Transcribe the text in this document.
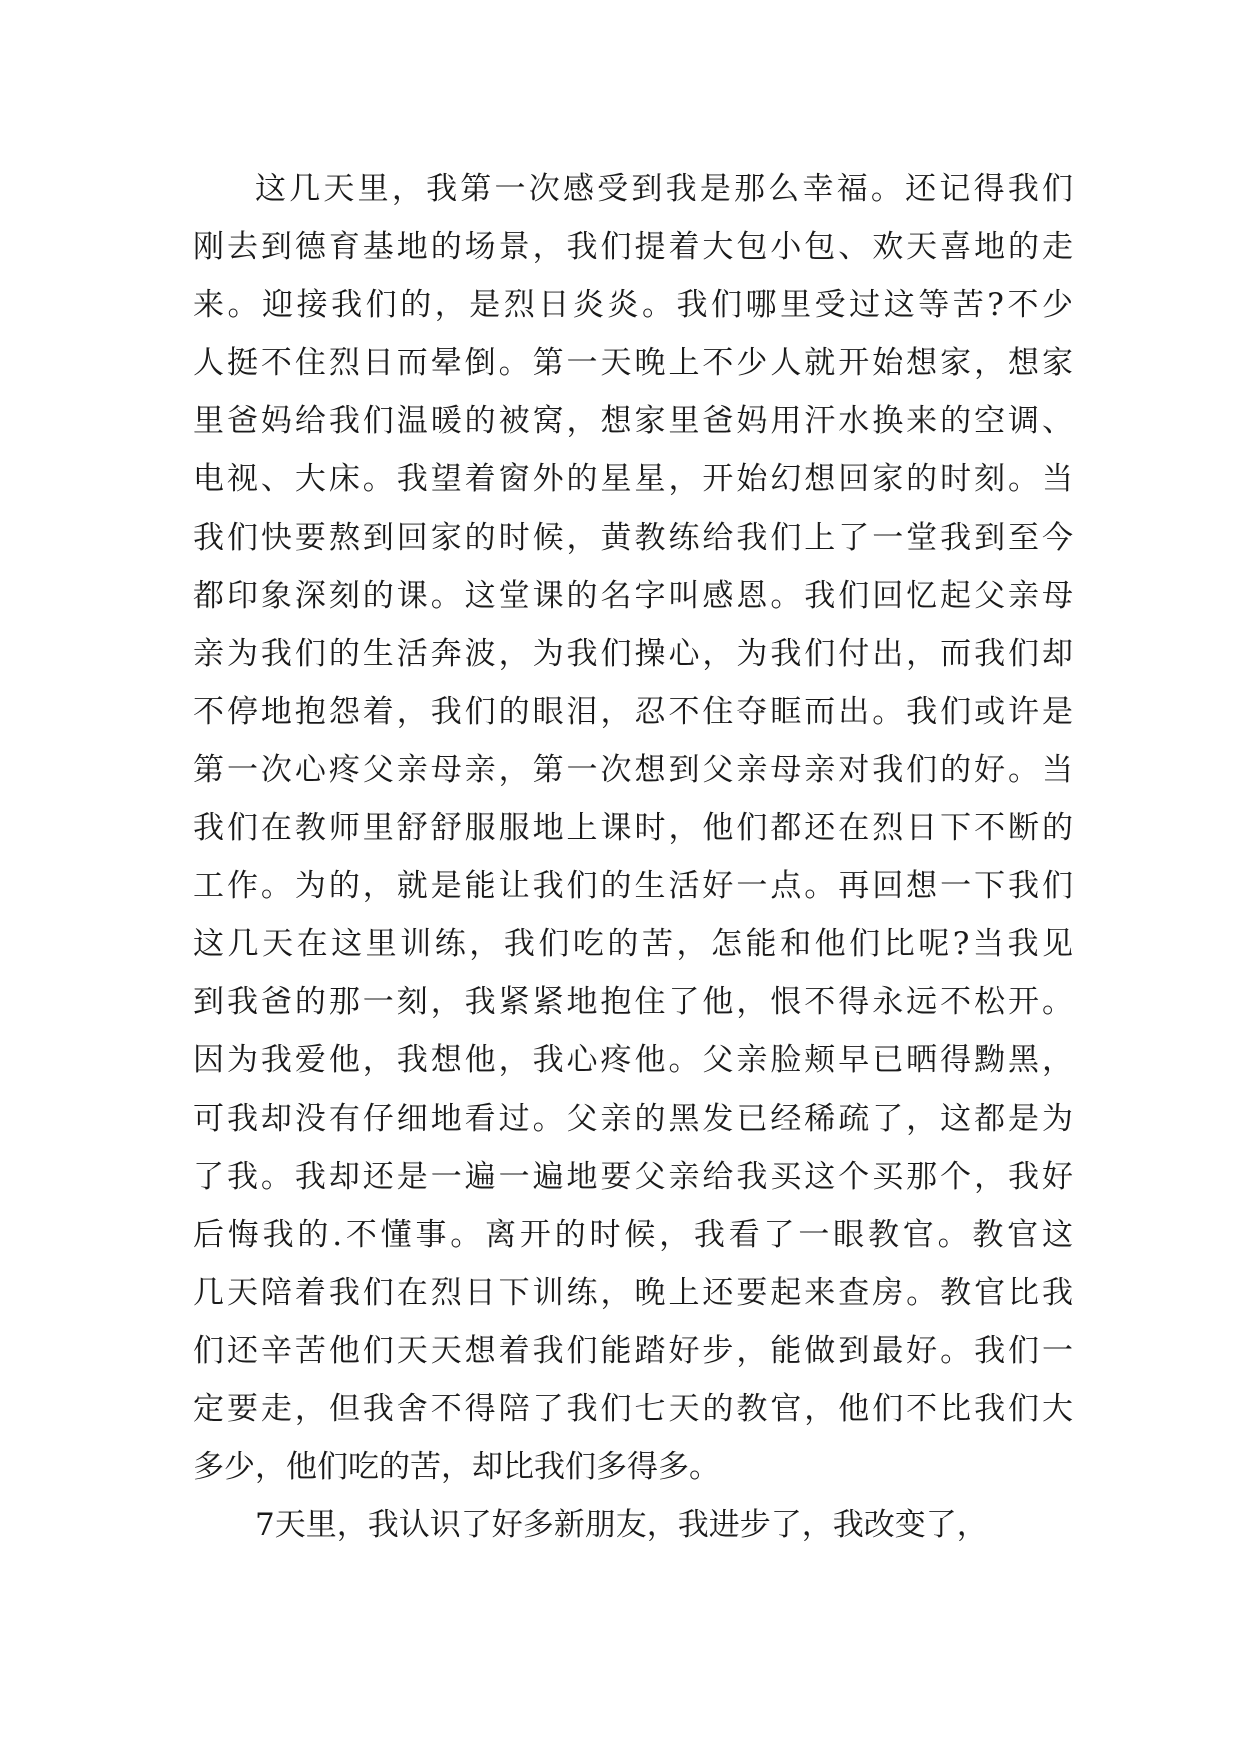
这几天里，我第一次感受到我是那么幸福。还记得我们
刚去到德育基地的场景，我们提着大包小包、欢天喜地的走
来。迎接我们的，是烈日炎炎。我们哪里受过这等苦?不少
人挺不住烈日而晕倒。第一天晚上不少人就开始想家，想家
里爸妈给我们温暖的被窝，想家里爸妈用汗水换来的空调、
电视、大床。我望着窗外的星星，开始幻想回家的时刻。当
我们快要熬到回家的时候，黄教练给我们上了一堂我到至今
都印象深刻的课。这堂课的名字叫感恩。我们回忆起父亲母
亲为我们的生活奔波，为我们操心，为我们付出，而我们却
不停地抱怨着，我们的眼泪，忍不住夺眶而出。我们或许是
第一次心疼父亲母亲，第一次想到父亲母亲对我们的好。当
我们在教师里舒舒服服地上课时，他们都还在烈日下不断的
工作。为的，就是能让我们的生活好一点。再回想一下我们
这几天在这里训练，我们吃的苦，怎能和他们比呢?当我见
到我爸的那一刻，我紧紧地抱住了他，恨不得永远不松开。
因为我爱他，我想他，我心疼他。父亲脸颊早已晒得黝黑，
可我却没有仔细地看过。父亲的黑发已经稀疏了，这都是为
了我。我却还是一遍一遍地要父亲给我买这个买那个，我好
后悔我的.不懂事。离开的时候，我看了一眼教官。教官这
几天陪着我们在烈日下训练，晚上还要起来查房。教官比我
们还辛苦他们天天想着我们能踏好步，能做到最好。我们一
定要走，但我舍不得陪了我们七天的教官，他们不比我们大
多少，他们吃的苦，却比我们多得多。
7天里，我认识了好多新朋友，我进步了，我改变了，
